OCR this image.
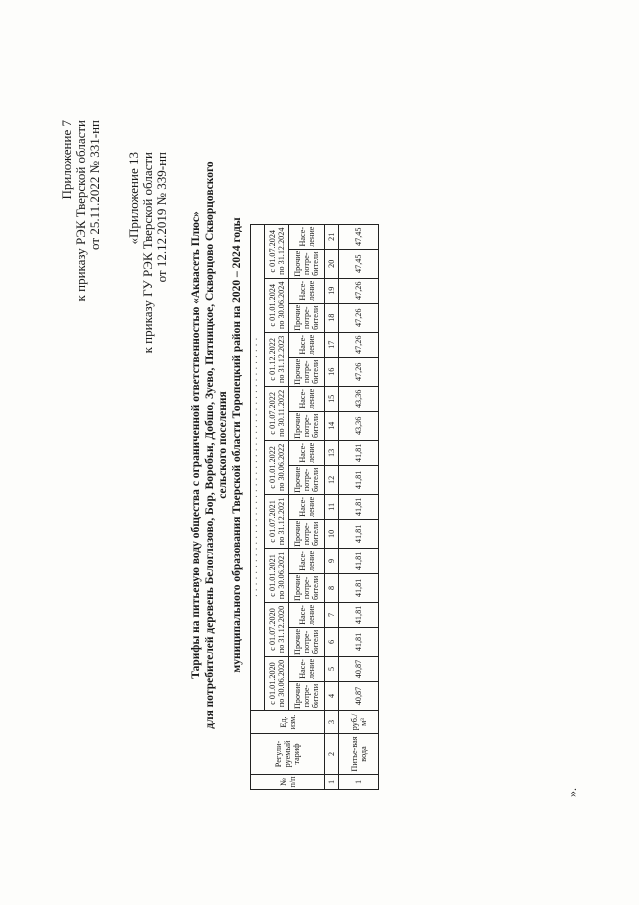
Приложение 7 к приказу РЭК Тверской области от 25.11.2022 № 331-нп «Приложение 13 к приказу ГУ РЭК Тверской области от 12.12.2019 № 339-нп Тарифы на питьевую воду общества с ограниченной ответственностью «Аквасеть Плюс» для потребителей деревень Белоглазово, Бор, Воробьи, Добшо, Зуево, Пятницкое, Скворцово Скворцовского сельского поселения муниципального образования Тверской области Торопецкий район на 2020 – 2024 годы
№ п/п	Регули-руемый тариф	Ед. изм.	· · · · · · · · · · · · · · · · · · · · · · · · · · · · · · · · · · · · · · · · · · · · ·																	
			с 01.01.2020 по 30.06.2020		с 01.07.2020 по 31.12.2020		с 01.01.2021 по 30.06.2021		с 01.07.2021 по 31.12.2021		с 01.01.2022 по 30.06.2022		с 01.07.2022 по 30.11.2022		с 01.12.2022 по 31.12.2023		с 01.01.2024 по 30.06.2024		с 01.07.2024 по 31.12.2024	
			Прочие потре-бители	Насе-ление	Прочие потре-бители	Насе-ление	Прочие потре-бители	Насе-ление	Прочие потре-бители	Насе-ление	Прочие потре-бители	Насе-ление	Прочие потре-бители	Насе-ление	Прочие потре-бители	Насе-ление	Прочие потре-бители	Насе-ление	Прочие потре-бители	Насе-ление
1	2	3	4	5	6	7	8	9	10	11	12	13	14	15	16	17	18	19	20	21
1	Питье-вая вода	руб./м³	40,87	40,87	41,81	41,81	41,81	41,81	41,81	41,81	41,81	41,81	43,36	43,36	47,26	47,26	47,26	47,26	47,45	47,45
».
